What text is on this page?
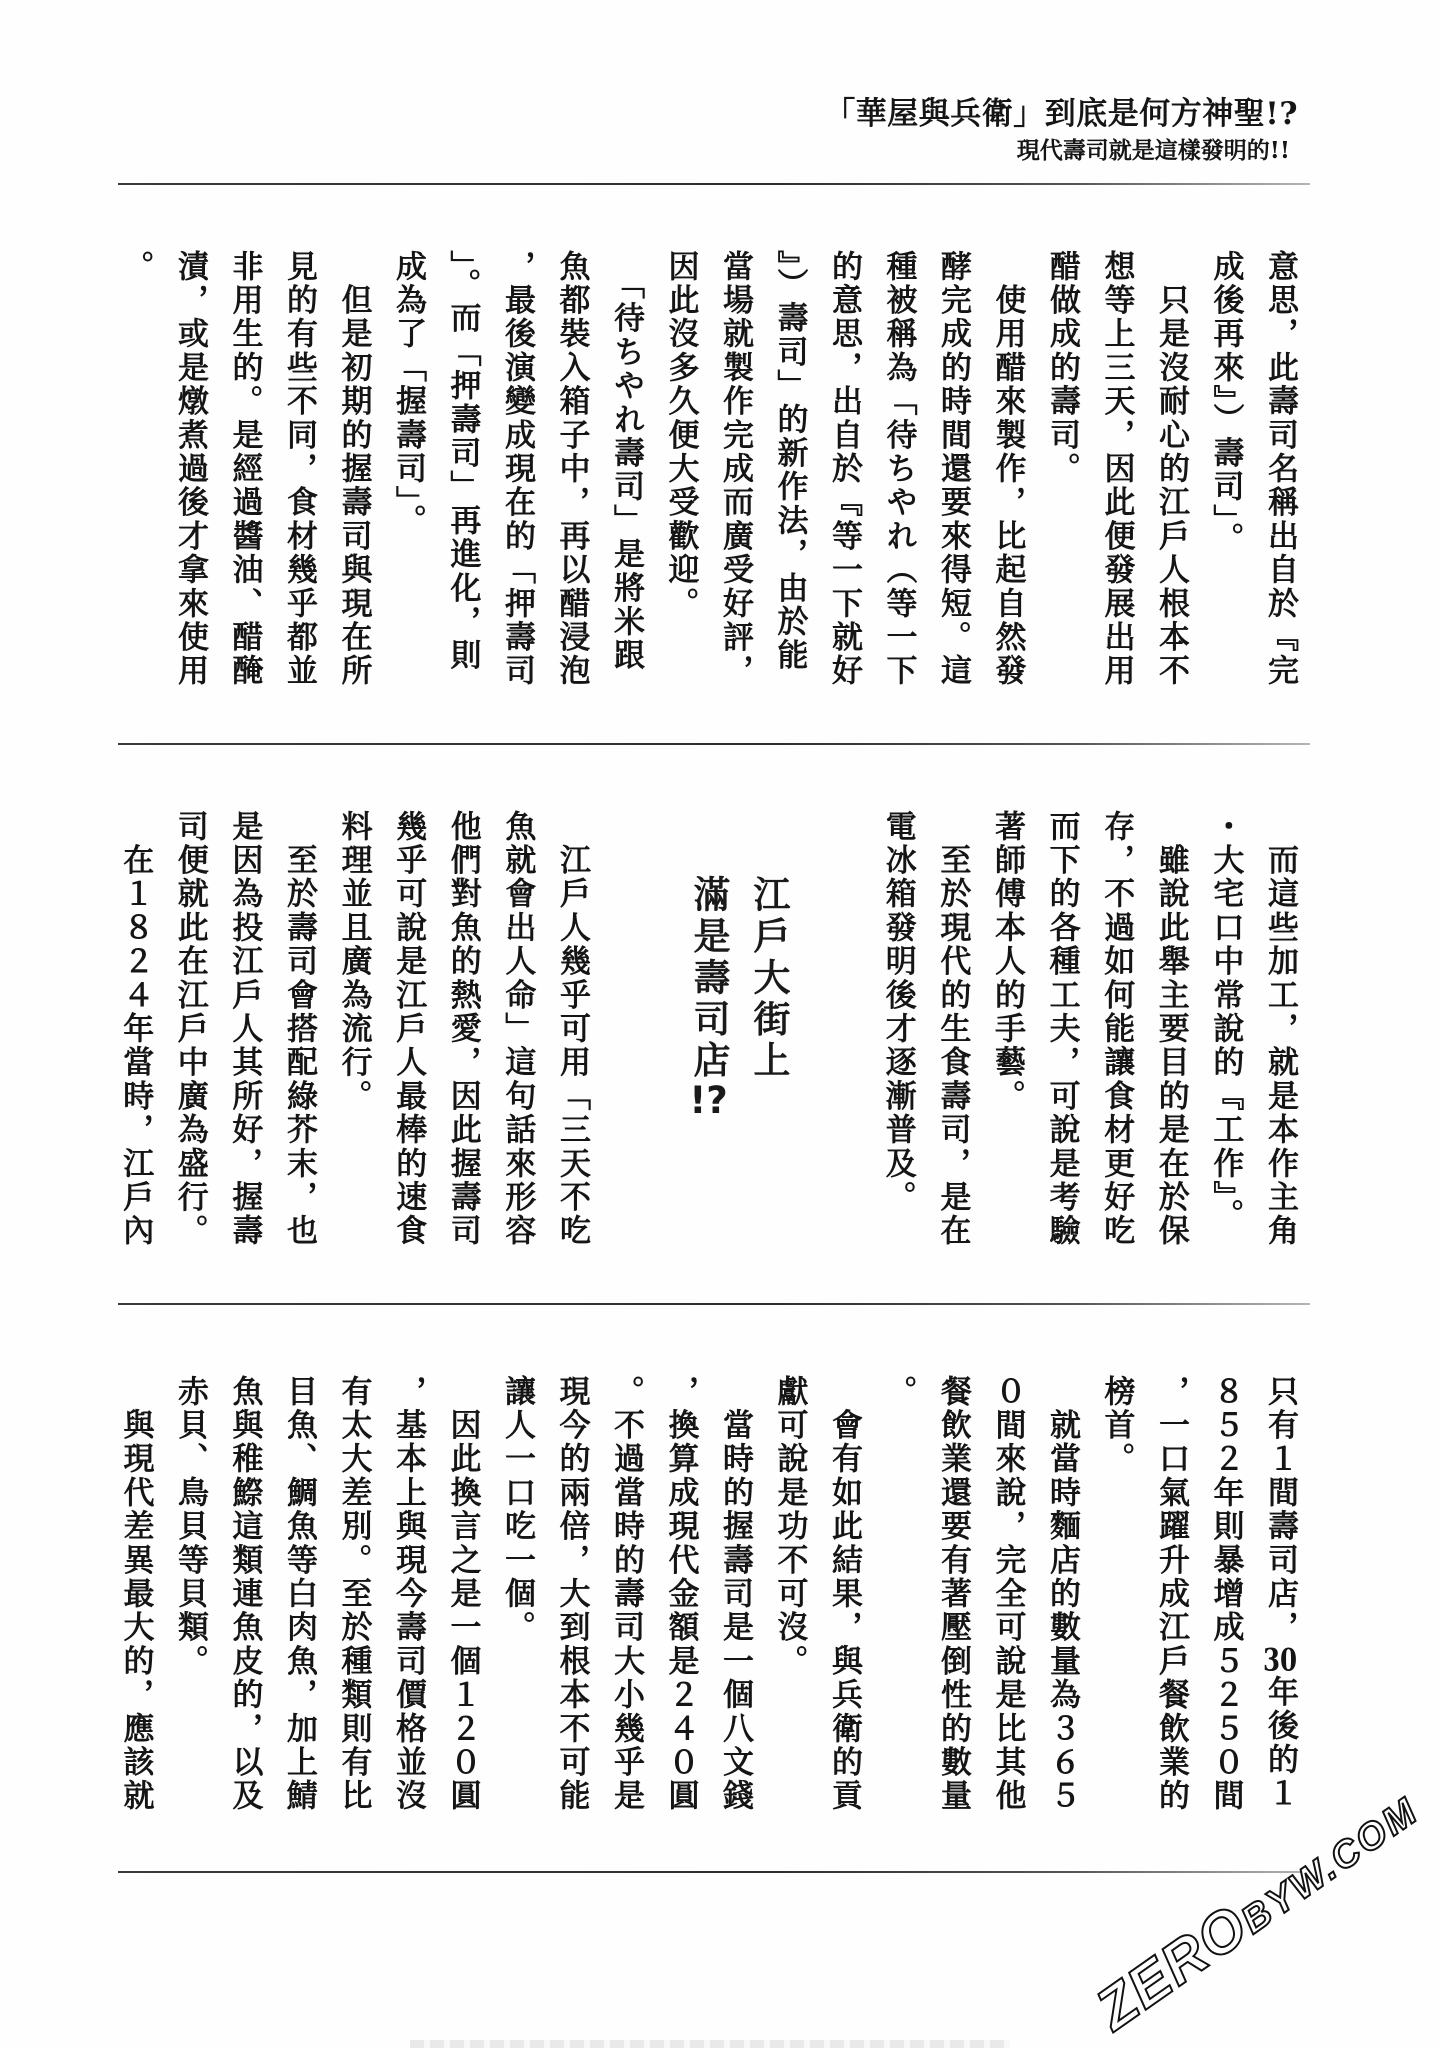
「華屋與兵衛」到底是何方神聖!?
現代壽司就是這樣發明的!!
意思，此壽司名稱出自於『完
成後再來』）壽司」。
　只是沒耐心的江戶人根本不
想等上三天，因此便發展出用
醋做成的壽司。
　使用醋來製作，比起自然發
酵完成的時間還要來得短。這
種被稱為「待ちやれ（等一下
的意思，出自於『等一下就好
』）壽司」的新作法，由於能
當場就製作完成而廣受好評，
因此沒多久便大受歡迎。
　「待ちやれ壽司」是將米跟
魚都裝入箱子中，再以醋浸泡
，最後演變成現在的「押壽司
」。而「押壽司」再進化，則
成為了「握壽司」。
　但是初期的握壽司與現在所
見的有些不同，食材幾乎都並
非用生的。是經過醬油、醋醃
漬，或是燉煮過後才拿來使用
。
　而這些加工，就是本作主角
・大宅口中常說的『工作』。
　雖說此舉主要目的是在於保
存，不過如何能讓食材更好吃
而下的各種工夫，可說是考驗
著師傅本人的手藝。
　至於現代的生食壽司，是在
電冰箱發明後才逐漸普及。
江戶大街上
滿是壽司店!?
　江戶人幾乎可用「三天不吃
魚就會出人命」這句話來形容
他們對魚的熱愛，因此握壽司
幾乎可說是江戶人最棒的速食
料理並且廣為流行。
　至於壽司會搭配綠芥末，也
是因為投江戶人其所好，握壽
司便就此在江戶中廣為盛行。
　在１８２４年當時，江戶內
只有１間壽司店，30年後的１
８５２年則暴增成５２５０間
，一口氣躍升成江戶餐飲業的
榜首。
　就當時麵店的數量為３６５
０間來說，完全可說是比其他
餐飲業還要有著壓倒性的數量
。
　會有如此結果，與兵衛的貢
獻可說是功不可沒。
　當時的握壽司是一個八文錢
，換算成現代金額是２４０圓
。不過當時的壽司大小幾乎是
現今的兩倍，大到根本不可能
讓人一口吃一個。
　因此換言之是一個１２０圓
，基本上與現今壽司價格並沒
有太大差別。至於種類則有比
目魚、鯛魚等白肉魚，加上鯖
魚與稚鰶這類連魚皮的，以及
赤貝、鳥貝等貝類。
　與現代差異最大的，應該就
ZEROBYW.COM
